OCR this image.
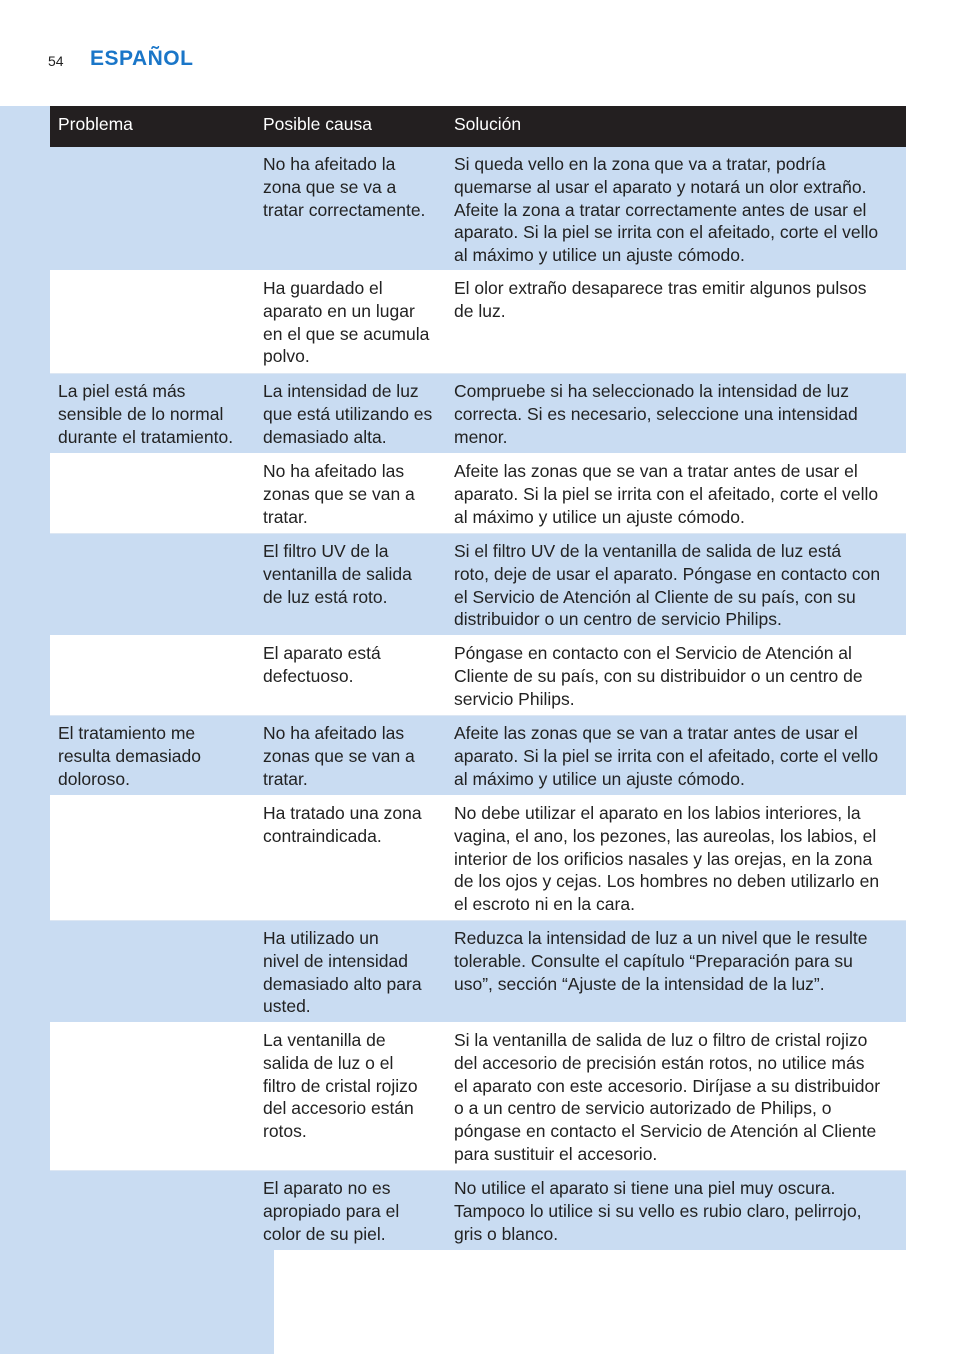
54 ESPAÑOL
Problema	Posible causa	Solución
No ha afeitado la
zona que se va a
tratar correctamente.
Si queda vello en la zona que va a tratar, podría
quemarse al usar el aparato y notará un olor extraño.
Afeite la zona a tratar correctamente antes de usar el
aparato. Si la piel se irrita con el afeitado, corte el vello
al máximo y utilice un ajuste cómodo.
Ha guardado el
aparato en un lugar
en el que se acumula
polvo.
El olor extraño desaparece tras emitir algunos pulsos
de luz.
La piel está más
sensible de lo normal
durante el tratamiento.
La intensidad de luz
que está utilizando es
demasiado alta.
Compruebe si ha seleccionado la intensidad de luz
correcta. Si es necesario, seleccione una intensidad
menor.
No ha afeitado las
zonas que se van a
tratar.
Afeite las zonas que se van a tratar antes de usar el
aparato. Si la piel se irrita con el afeitado, corte el vello
al máximo y utilice un ajuste cómodo.
El filtro UV de la
ventanilla de salida
de luz está roto.
Si el filtro UV de la ventanilla de salida de luz está
roto, deje de usar el aparato. Póngase en contacto con
el Servicio de Atención al Cliente de su país, con su
distribuidor o un centro de servicio Philips.
El aparato está
defectuoso.
Póngase en contacto con el Servicio de Atención al
Cliente de su país, con su distribuidor o un centro de
servicio Philips.
El tratamiento me
resulta demasiado
doloroso.
No ha afeitado las
zonas que se van a
tratar.
Afeite las zonas que se van a tratar antes de usar el
aparato. Si la piel se irrita con el afeitado, corte el vello
al máximo y utilice un ajuste cómodo.
Ha tratado una zona
contraindicada.
No debe utilizar el aparato en los labios interiores, la
vagina, el ano, los pezones, las aureolas, los labios, el
interior de los orificios nasales y las orejas, en la zona
de los ojos y cejas. Los hombres no deben utilizarlo en
el escroto ni en la cara.
Ha utilizado un
nivel de intensidad
demasiado alto para
usted.
Reduzca la intensidad de luz a un nivel que le resulte
tolerable. Consulte el capítulo “Preparación para su
uso”, sección “Ajuste de la intensidad de la luz”.
La ventanilla de
salida de luz o el
filtro de cristal rojizo
del accesorio están
rotos.
Si la ventanilla de salida de luz o filtro de cristal rojizo
del accesorio de precisión están rotos, no utilice más
el aparato con este accesorio. Diríjase a su distribuidor
o a un centro de servicio autorizado de Philips, o
póngase en contacto el Servicio de Atención al Cliente
para sustituir el accesorio.
El aparato no es
apropiado para el
color de su piel.
No utilice el aparato si tiene una piel muy oscura.
Tampoco lo utilice si su vello es rubio claro, pelirrojo,
gris o blanco.
